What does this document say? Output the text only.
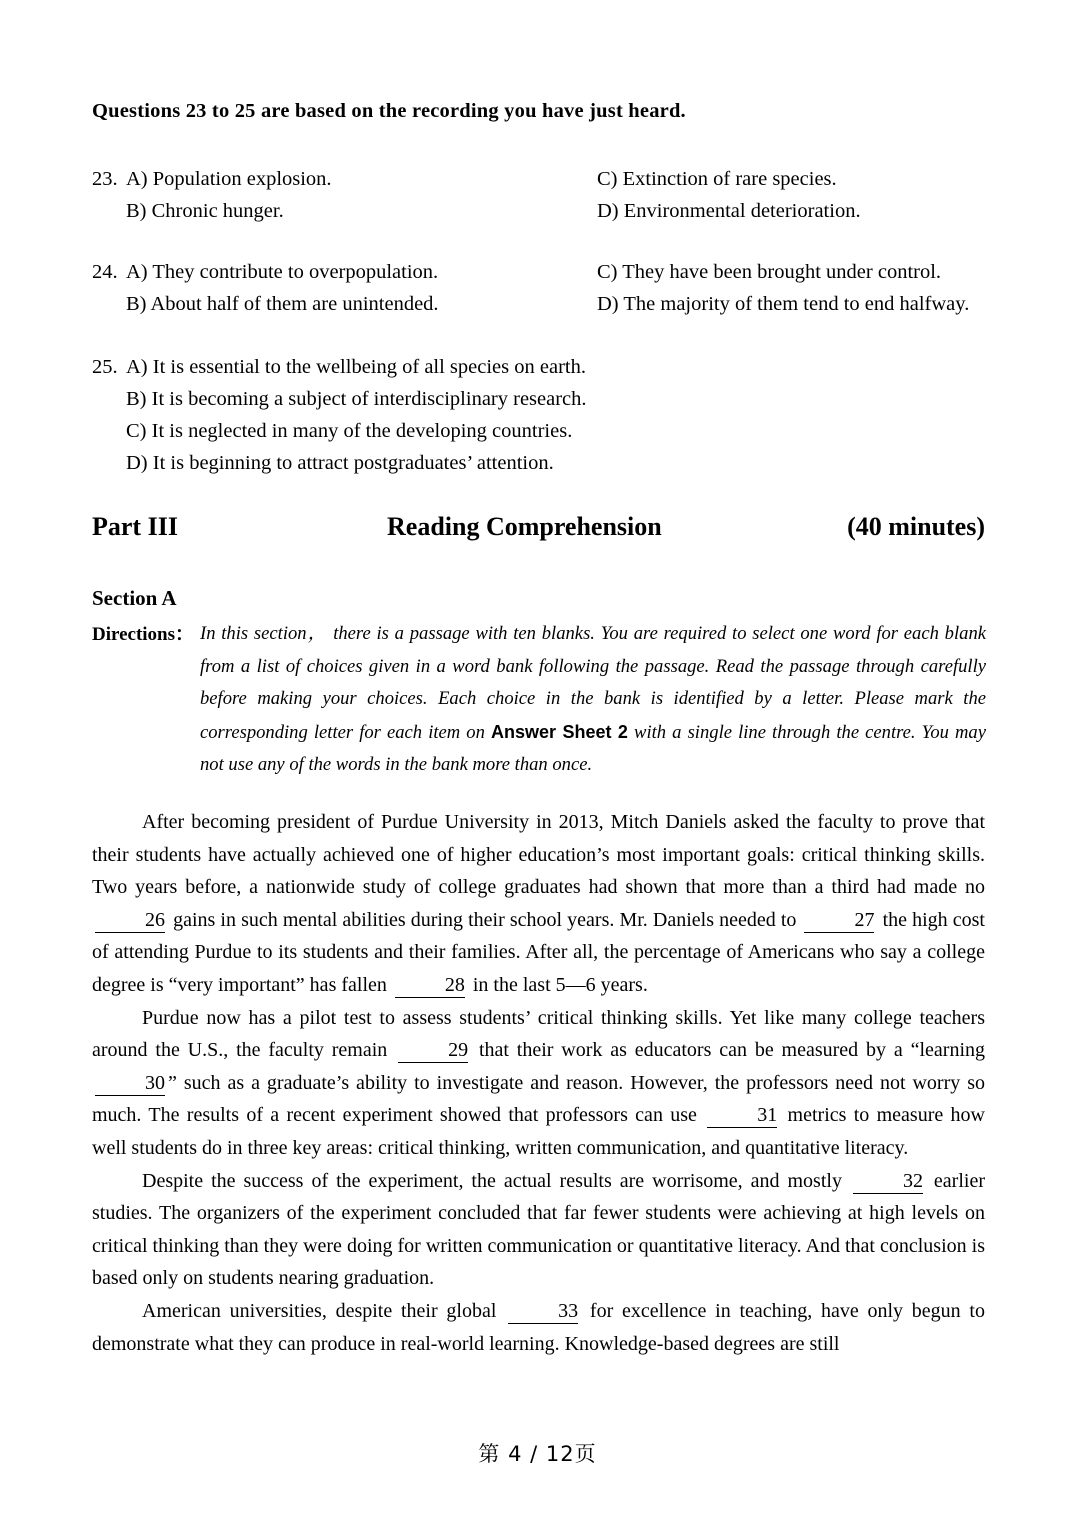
Questions 23 to 25 are based on the recording you have just heard.
23. A) Population explosion.	C) Extinction of rare species.
B) Chronic hunger.	D) Environmental deterioration.
24. A) They contribute to overpopulation.	C) They have been brought under control.
B) About half of them are unintended.	D) The majority of them tend to end halfway.
25. A) It is essential to the wellbeing of all species on earth.
B) It is becoming a subject of interdisciplinary research.
C) It is neglected in many of the developing countries.
D) It is beginning to attract postgraduates’ attention.
Part III	Reading Comprehension	(40 minutes)
Section A
Directions： In this section， there is a passage with ten blanks. You are required to select one word for each blank from a list of choices given in a word bank following the passage. Read the passage through carefully before making your choices. Each choice in the bank is identified by a letter. Please mark the corresponding letter for each item on Answer Sheet 2 with a single line through the centre. You may not use any of the words in the bank more than once.

After becoming president of Purdue University in 2013, Mitch Daniels asked the faculty to prove that their students have actually achieved one of higher education’s most important goals: critical thinking skills. Two years before, a nationwide study of college graduates had shown that more than a third had made no 26 gains in such mental abilities during their school years. Mr. Daniels needed to	27 the high cost of attending Purdue to its students and their families. After all, the percentage of Americans who say a college degree is “very important” has fallen	28 in the last 5—6 years.

Purdue now has a pilot test to assess students’ critical thinking skills. Yet like many college teachers around the U.S., the faculty remain	29 that their work as educators can be measured by a “learning 30 ” such as a graduate’s ability to investigate and reason. However, the professors need not worry so much. The results of a recent experiment showed that professors can use	31 metrics to measure how well students do in three key areas: critical thinking, written communication, and quantitative literacy.

Despite the success of the experiment, the actual results are worrisome, and mostly	32 earlier studies. The organizers of the experiment concluded that far fewer students were achieving at high levels on critical thinking than they were doing for written communication or quantitative literacy. And that conclusion is based only on students nearing graduation.

American universities, despite their global	33 for excellence in teaching, have only begun to demonstrate what they can produce in real-world learning. Knowledge-based degrees are still

第 4 / 12页
